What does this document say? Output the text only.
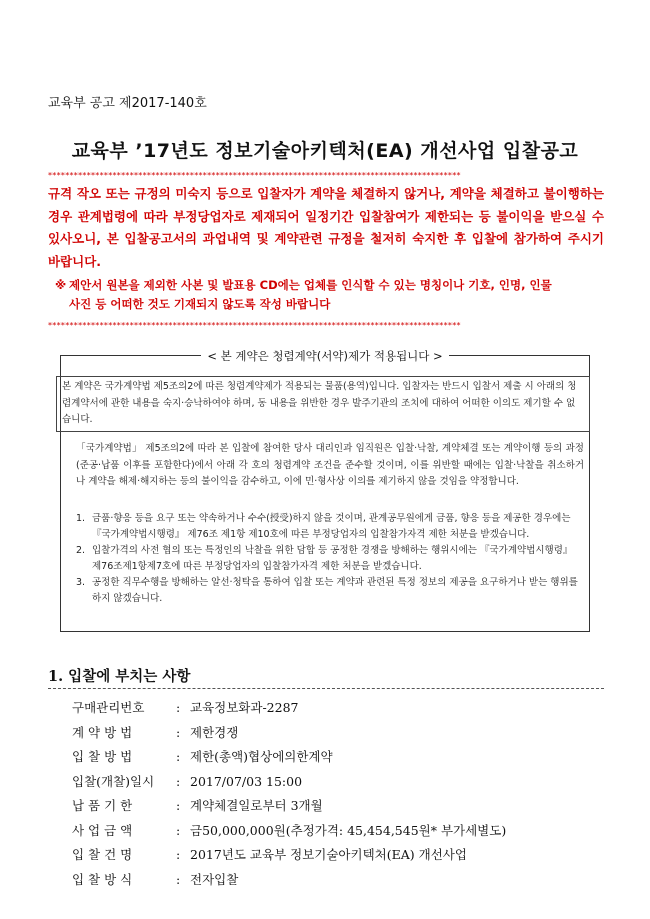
교육부 공고 제2017-140호
교육부 ’17년도 정보기술아키텍처(EA) 개선사업 입찰공고
************************************************************************************************
규격 작오 또는 규정의 미숙지 등으로 입찰자가 계약을 체결하지 않거나, 계약을 체결하고 불이행하는 경우 관계법령에 따라 부정당업자로 제재되어 일정기간 입찰참여가 제한되는 등 불이익을 받으실 수 있사오니, 본 입찰공고서의 과업내역 및 계약관련 규정을 철저히 숙지한 후 입찰에 참가하여 주시기 바랍니다.
※ 제안서 원본을 제외한 사본 및 발표용 CD에는 업체를 인식할 수 있는 명칭이나 기호, 인명, 인물
사진 등 어떠한 것도 기재되지 않도록 작성 바랍니다
************************************************************************************************
< 본 계약은 청렴계약(서약)제가 적용됩니다 >
본 계약은 국가계약법 제5조의2에 따른 청렴계약제가 적용되는 물품(용역)입니다. 입찰자는 반드시 입찰서 제출 시 아래의 청렴계약서에 관한 내용을 숙지·승낙하여야 하며, 동 내용을 위반한 경우 발주기관의 조치에 대하여 어떠한 이의도 제기할 수 없습니다.
「국가계약법」 제5조의2에 따라 본 입찰에 참여한 당사 대리인과 임직원은 입찰·낙찰, 계약체결 또는 계약이행 등의 과정(준공·납품 이후를 포함한다)에서 아래 각 호의 청렴계약 조건을 준수할 것이며, 이를 위반할 때에는 입찰·낙찰을 취소하거나 계약을 해제·해지하는 등의 불이익을 감수하고, 이에 민·형사상 이의를 제기하지 않을 것임을 약정합니다.
1. 금품·향응 등을 요구 또는 약속하거나 수수(授受)하지 않을 것이며, 관계공무원에게 금품, 향응 등을 제공한 경우에는 『국가계약법시행령』 제76조 제1항 제10호에 따른 부정당업자의 입찰참가자격 제한 처분을 받겠습니다.
2. 입찰가격의 사전 협의 또는 특정인의 낙찰을 위한 담합 등 공정한 경쟁을 방해하는 행위시에는 『국가계약법시행령』 제76조제1항제7호에 따른 부정당업자의 입찰참가자격 제한 처분을 받겠습니다.
3. 공정한 직무수행을 방해하는 알선·청탁을 통하여 입찰 또는 계약과 관련된 특정 정보의 제공을 요구하거나 받는 행위를 하지 않겠습니다.
1. 입찰에 부치는 사항
구매관리번호	: 교육정보화과-2287
계 약 방 법	: 제한경쟁
입 찰 방 법	: 제한(총액)협상에의한계약
입찰(개찰)일시 : 2017/07/03 15:00
납 품 기 한	: 계약체결일로부터 3개월
사 업 금 액	: 금50,000,000원(추정가격: 45,454,545원* 부가세별도)
입 찰 건 명	: 2017년도 교육부 정보기술아키텍처(EA) 개선사업
입 찰 방 식	: 전자입찰
